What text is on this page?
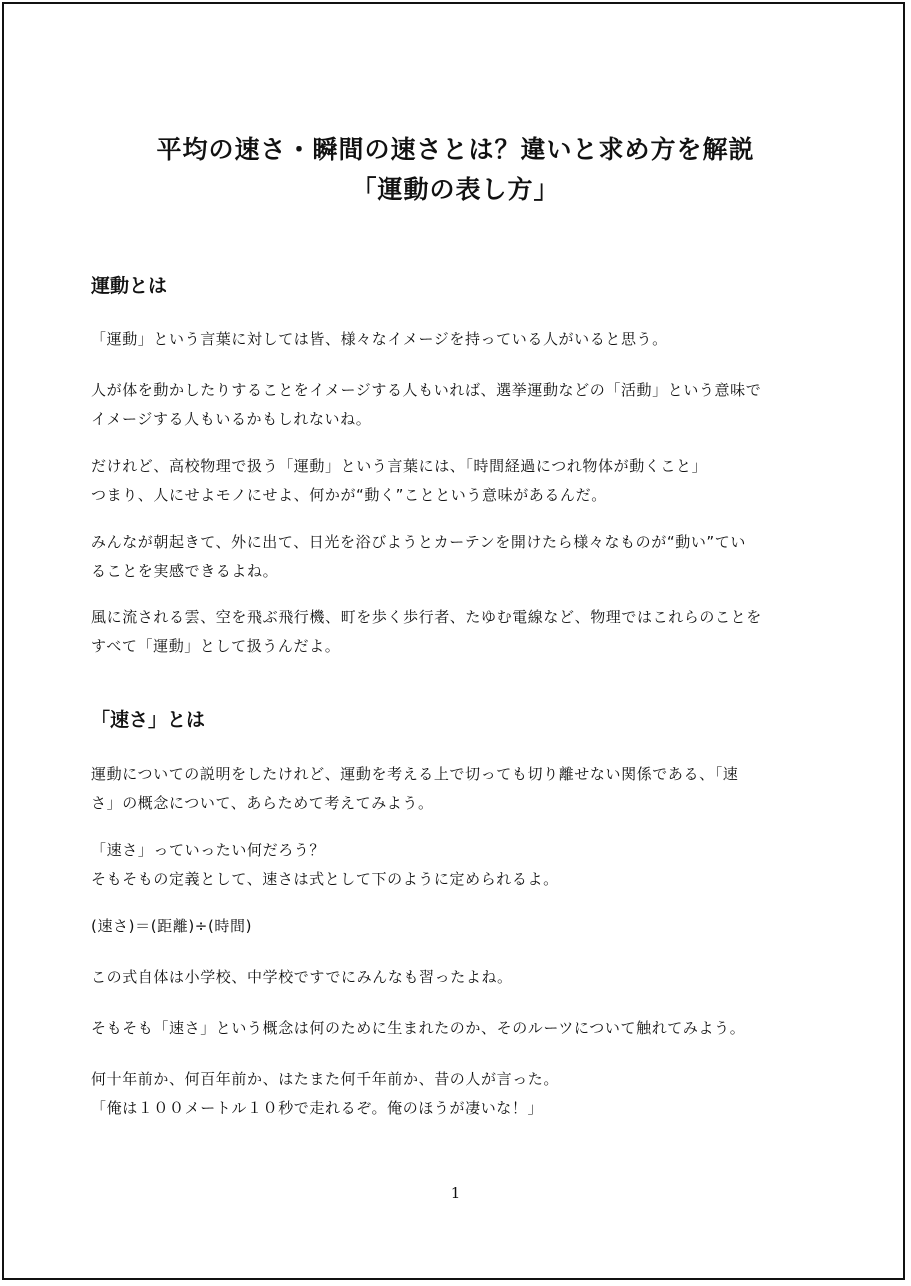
平均の速さ・瞬間の速さとは？違いと求め方を解説
「運動の表し方」
運動とは

「運動」という言葉に対しては皆、様々なイメージを持っている人がいると思う。

人が体を動かしたりすることをイメージする人もいれば、選挙運動などの「活動」という意味で
イメージする人もいるかもしれないね。

だけれど、高校物理で扱う「運動」という言葉には、「時間経過につれ物体が動くこと」
つまり、人にせよモノにせよ、何かが“動く”ことという意味があるんだ。

みんなが朝起きて、外に出て、日光を浴びようとカーテンを開けたら様々なものが“動い”てい
ることを実感できるよね。

風に流される雲、空を飛ぶ飛行機、町を歩く歩行者、たゆむ電線など、物理ではこれらのことを
すべて「運動」として扱うんだよ。

「速さ」とは

運動についての説明をしたけれど、運動を考える上で切っても切り離せない関係である、「速
さ」の概念について、あらためて考えてみよう。

「速さ」っていったい何だろう？
そもそもの定義として、速さは式として下のように定められるよ。

(速さ)＝(距離)÷(時間)

この式自体は小学校、中学校ですでにみんなも習ったよね。

そもそも「速さ」という概念は何のために生まれたのか、そのルーツについて触れてみよう。

何十年前か、何百年前か、はたまた何千年前か、昔の人が言った。
「俺は１００メートル１０秒で走れるぞ。俺のほうが凄いな！」

1
